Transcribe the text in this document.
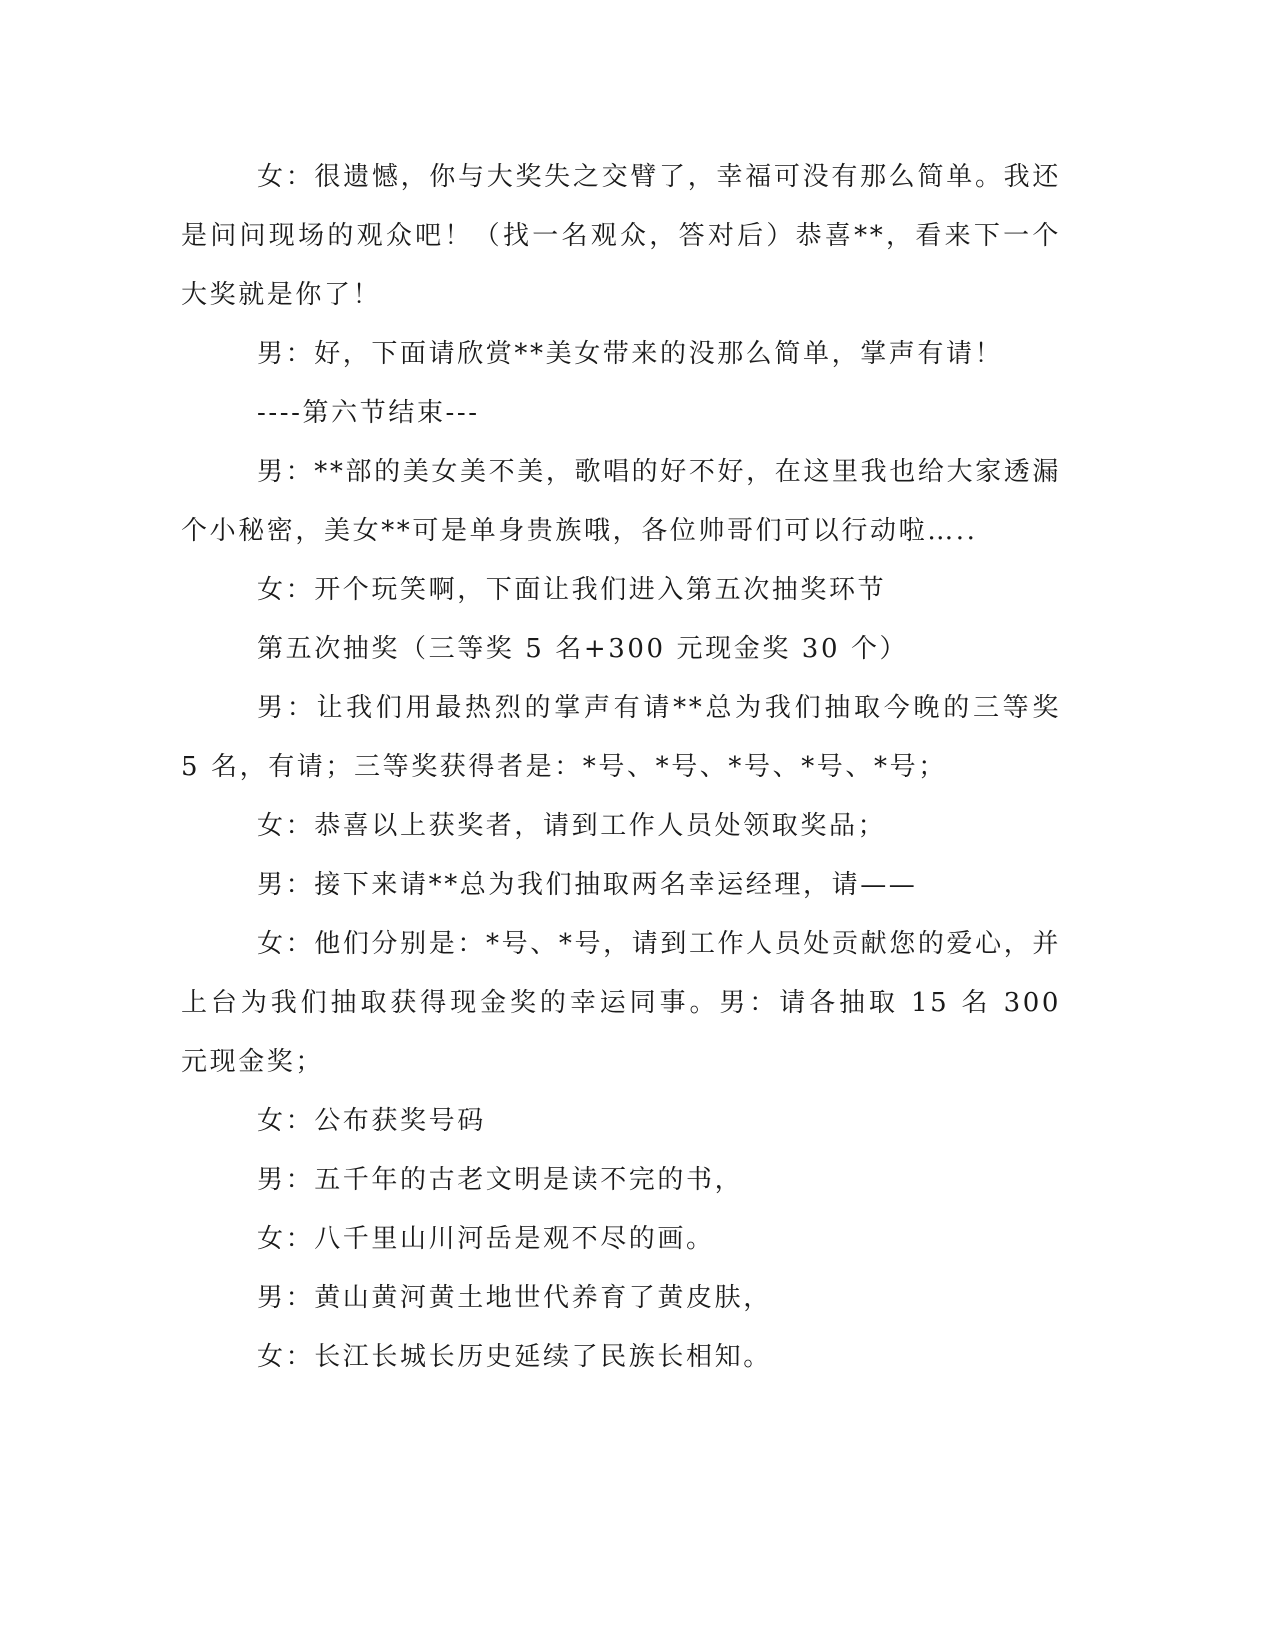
女：很遗憾，你与大奖失之交臂了，幸福可没有那么简单。我还是问问现场的观众吧！（找一名观众，答对后）恭喜**，看来下一个大奖就是你了！

男：好，下面请欣赏**美女带来的没那么简单，掌声有请！

----第六节结束---

男：**部的美女美不美，歌唱的好不好，在这里我也给大家透漏个小秘密，美女**可是单身贵族哦，各位帅哥们可以行动啦…..

女：开个玩笑啊，下面让我们进入第五次抽奖环节

第五次抽奖（三等奖 5 名+300 元现金奖 30 个）

男：让我们用最热烈的掌声有请**总为我们抽取今晚的三等奖 5 名，有请；三等奖获得者是：*号、*号、*号、*号、*号；

女：恭喜以上获奖者，请到工作人员处领取奖品；

男：接下来请**总为我们抽取两名幸运经理，请——

女：他们分别是：*号、*号，请到工作人员处贡献您的爱心，并上台为我们抽取获得现金奖的幸运同事。男：请各抽取 15 名 300 元现金奖；

女：公布获奖号码

男：五千年的古老文明是读不完的书，

女：八千里山川河岳是观不尽的画。

男：黄山黄河黄土地世代养育了黄皮肤，

女：长江长城长历史延续了民族长相知。
